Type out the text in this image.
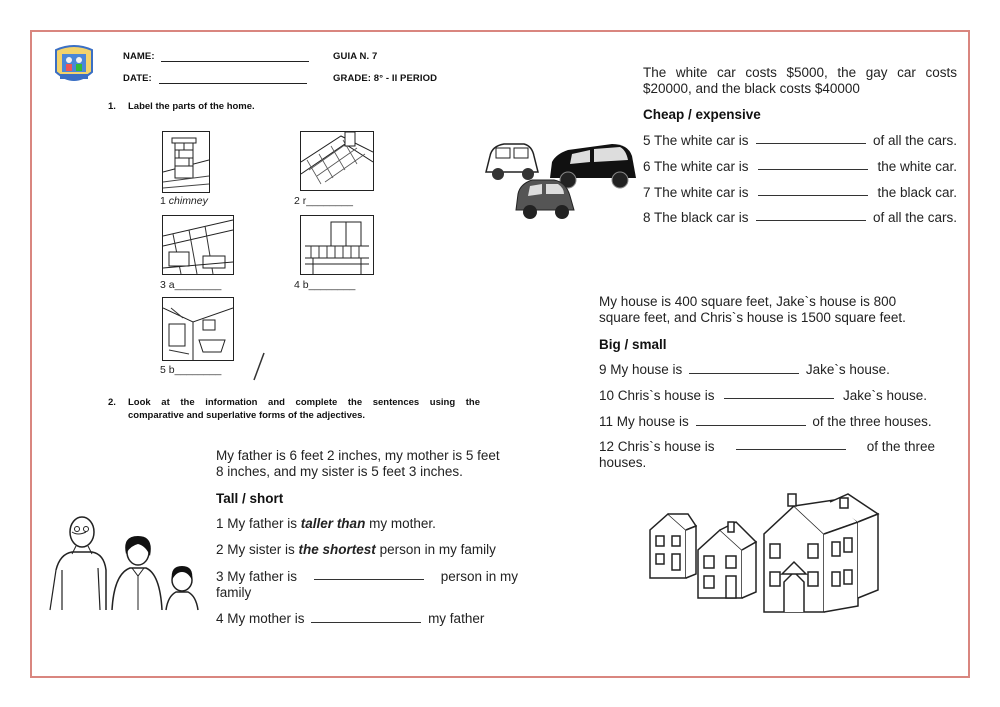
NAME:
DATE:
GUIA N. 7
GRADE: 8° - II PERIOD
1. Label the parts of the home.
1 chimney	2 r________
3 a________	4 b________
5 b________
2. Look at the information and complete the sentences using the
comparative and superlative forms of the adjectives.
My father is 6 feet 2 inches, my mother is 5 feet
8 inches, and my sister is 5 feet 3 inches.
Tall / short
1 My father is taller than my mother.
2 My sister is the shortest person in my family
3 My father is	person in my
family
4 My mother is	my father
The white car costs $5000, the gay car costs
$20000, and the black costs $40000
Cheap / expensive
5 The white car is	of all the cars.
6 The white car is	the white car.
7 The white car is	the black car.
8 The black car is	of all the cars.
My house is 400 square feet, Jake`s house is 800
square feet, and Chris`s house is 1500 square feet.
Big / small
9 My house is	Jake`s house.
10 Chris`s house is	Jake`s house.
11 My house is	of the three houses.
12 Chris`s house is	of the three
houses.
